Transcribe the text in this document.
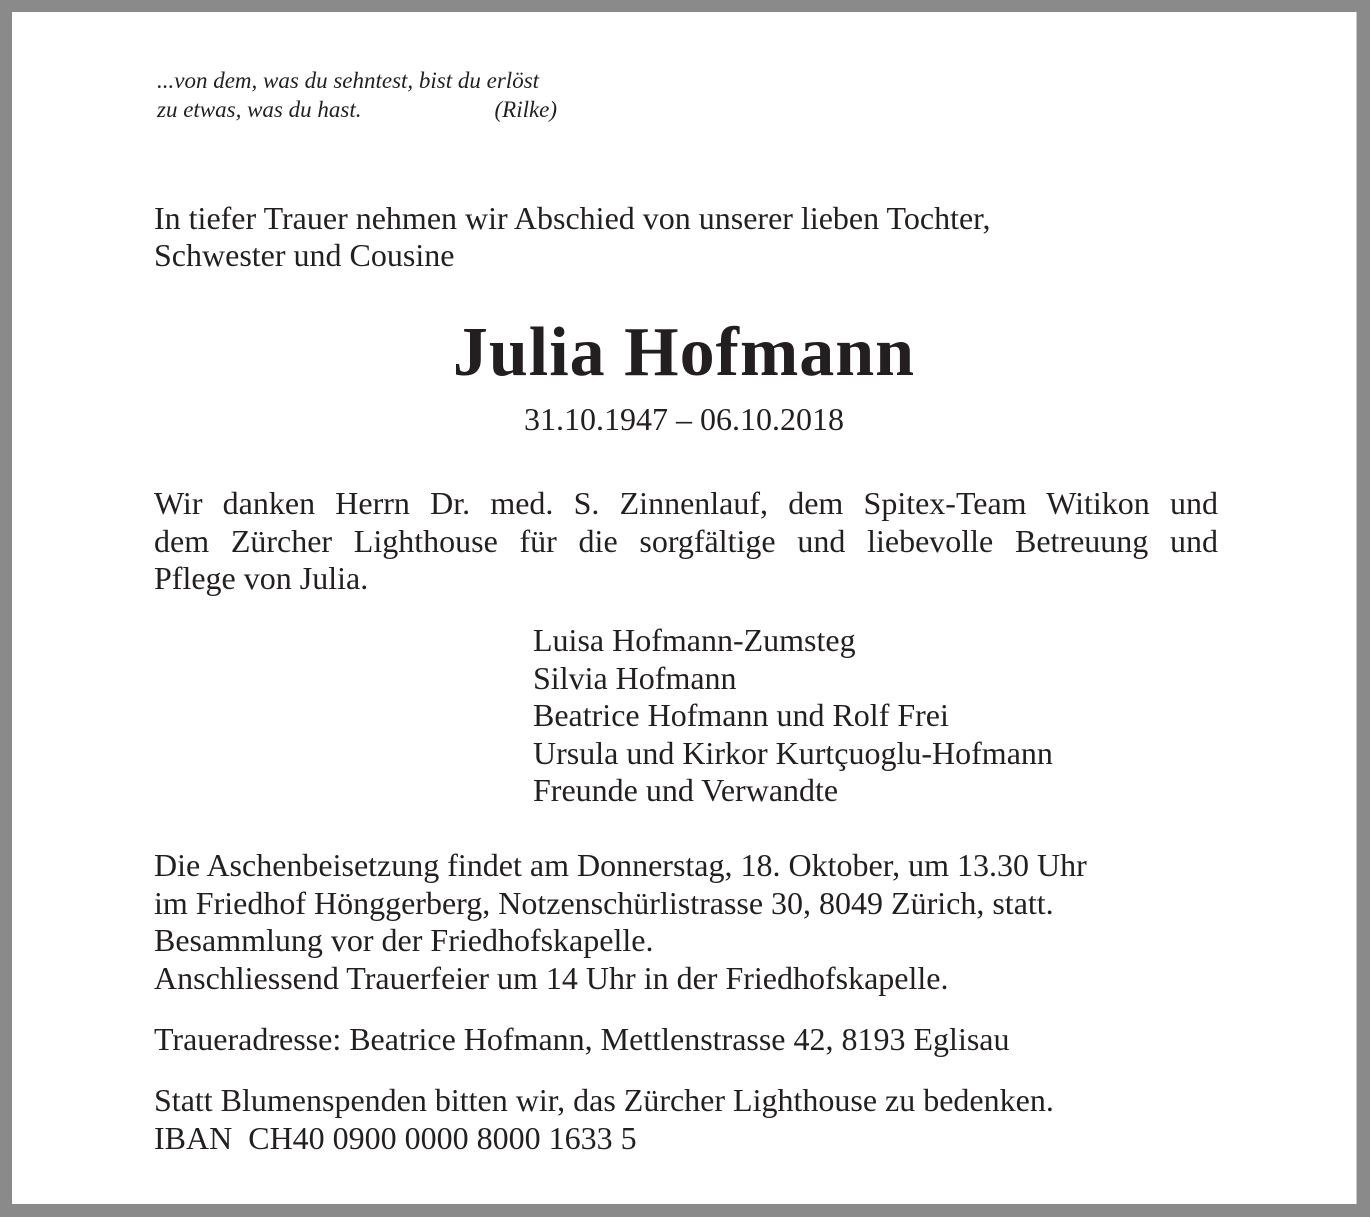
...von dem, was du sehntest, bist du erlöst
zu etwas, was du hast.	(Rilke)
In tiefer Trauer nehmen wir Abschied von unserer lieben Tochter,
Schwester und Cousine
Julia Hofmann
31.10.1947 – 06.10.2018
Wir danken Herrn Dr. med. S. Zinnenlauf, dem Spitex-Team Witikon und
dem Zürcher Lighthouse für die sorgfältige und liebevolle Betreuung und
Pflege von Julia.
Luisa Hofmann-Zumsteg
Silvia Hofmann
Beatrice Hofmann und Rolf Frei
Ursula und Kirkor Kurtçuoglu-Hofmann
Freunde und Verwandte
Die Aschenbeisetzung findet am Donnerstag, 18. Oktober, um 13.30 Uhr
im Friedhof Hönggerberg, Notzenschürlistrasse 30, 8049 Zürich, statt.
Besammlung vor der Friedhofskapelle.
Anschliessend Trauerfeier um 14 Uhr in der Friedhofskapelle.
Traueradresse: Beatrice Hofmann, Mettlenstrasse 42, 8193 Eglisau
Statt Blumenspenden bitten wir, das Zürcher Lighthouse zu bedenken.
IBAN  CH40 0900 0000 8000 1633 5
